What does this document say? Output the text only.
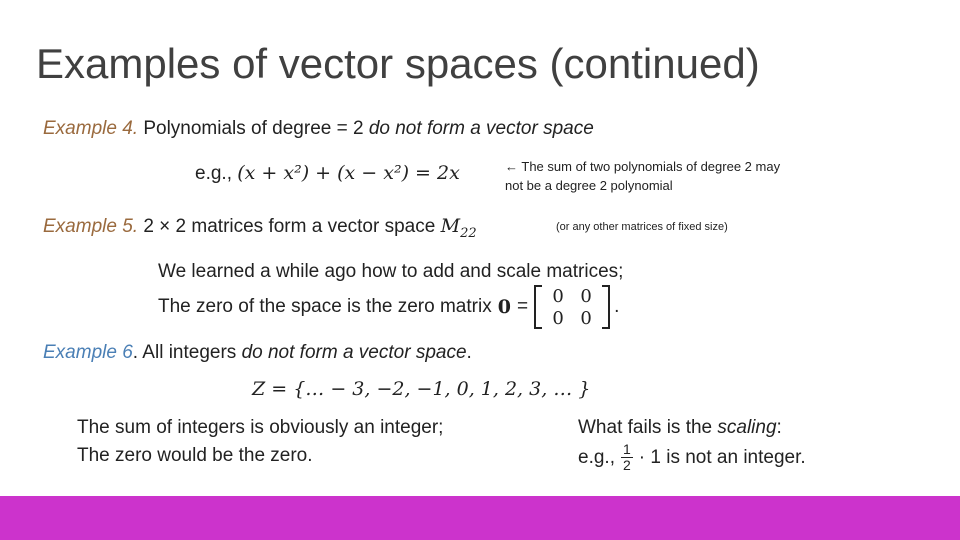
Examples of vector spaces (continued)
Example 4. Polynomials of degree = 2 do not form a vector space
e.g., (x + x²) + (x − x²) = 2x	← The sum of two polynomials of degree 2 may
not be a degree 2 polynomial
Example 5. 2 × 2 matrices form a vector space $M_{22}$	(or any other matrices of fixed size)
We learned a while ago how to add and scale matrices;
The zero of the space is the zero matrix 0 = 0 0
0 0
.
Example 6. All integers do not form a vector space.
Z = {… − 3, −2, −1, 0, 1, 2, 3, … }
The sum of integers is obviously an integer;
The zero would be the zero.
What fails is the scaling:
e.g., $\frac{1}{2} \cdot 1$ is not an integer.
